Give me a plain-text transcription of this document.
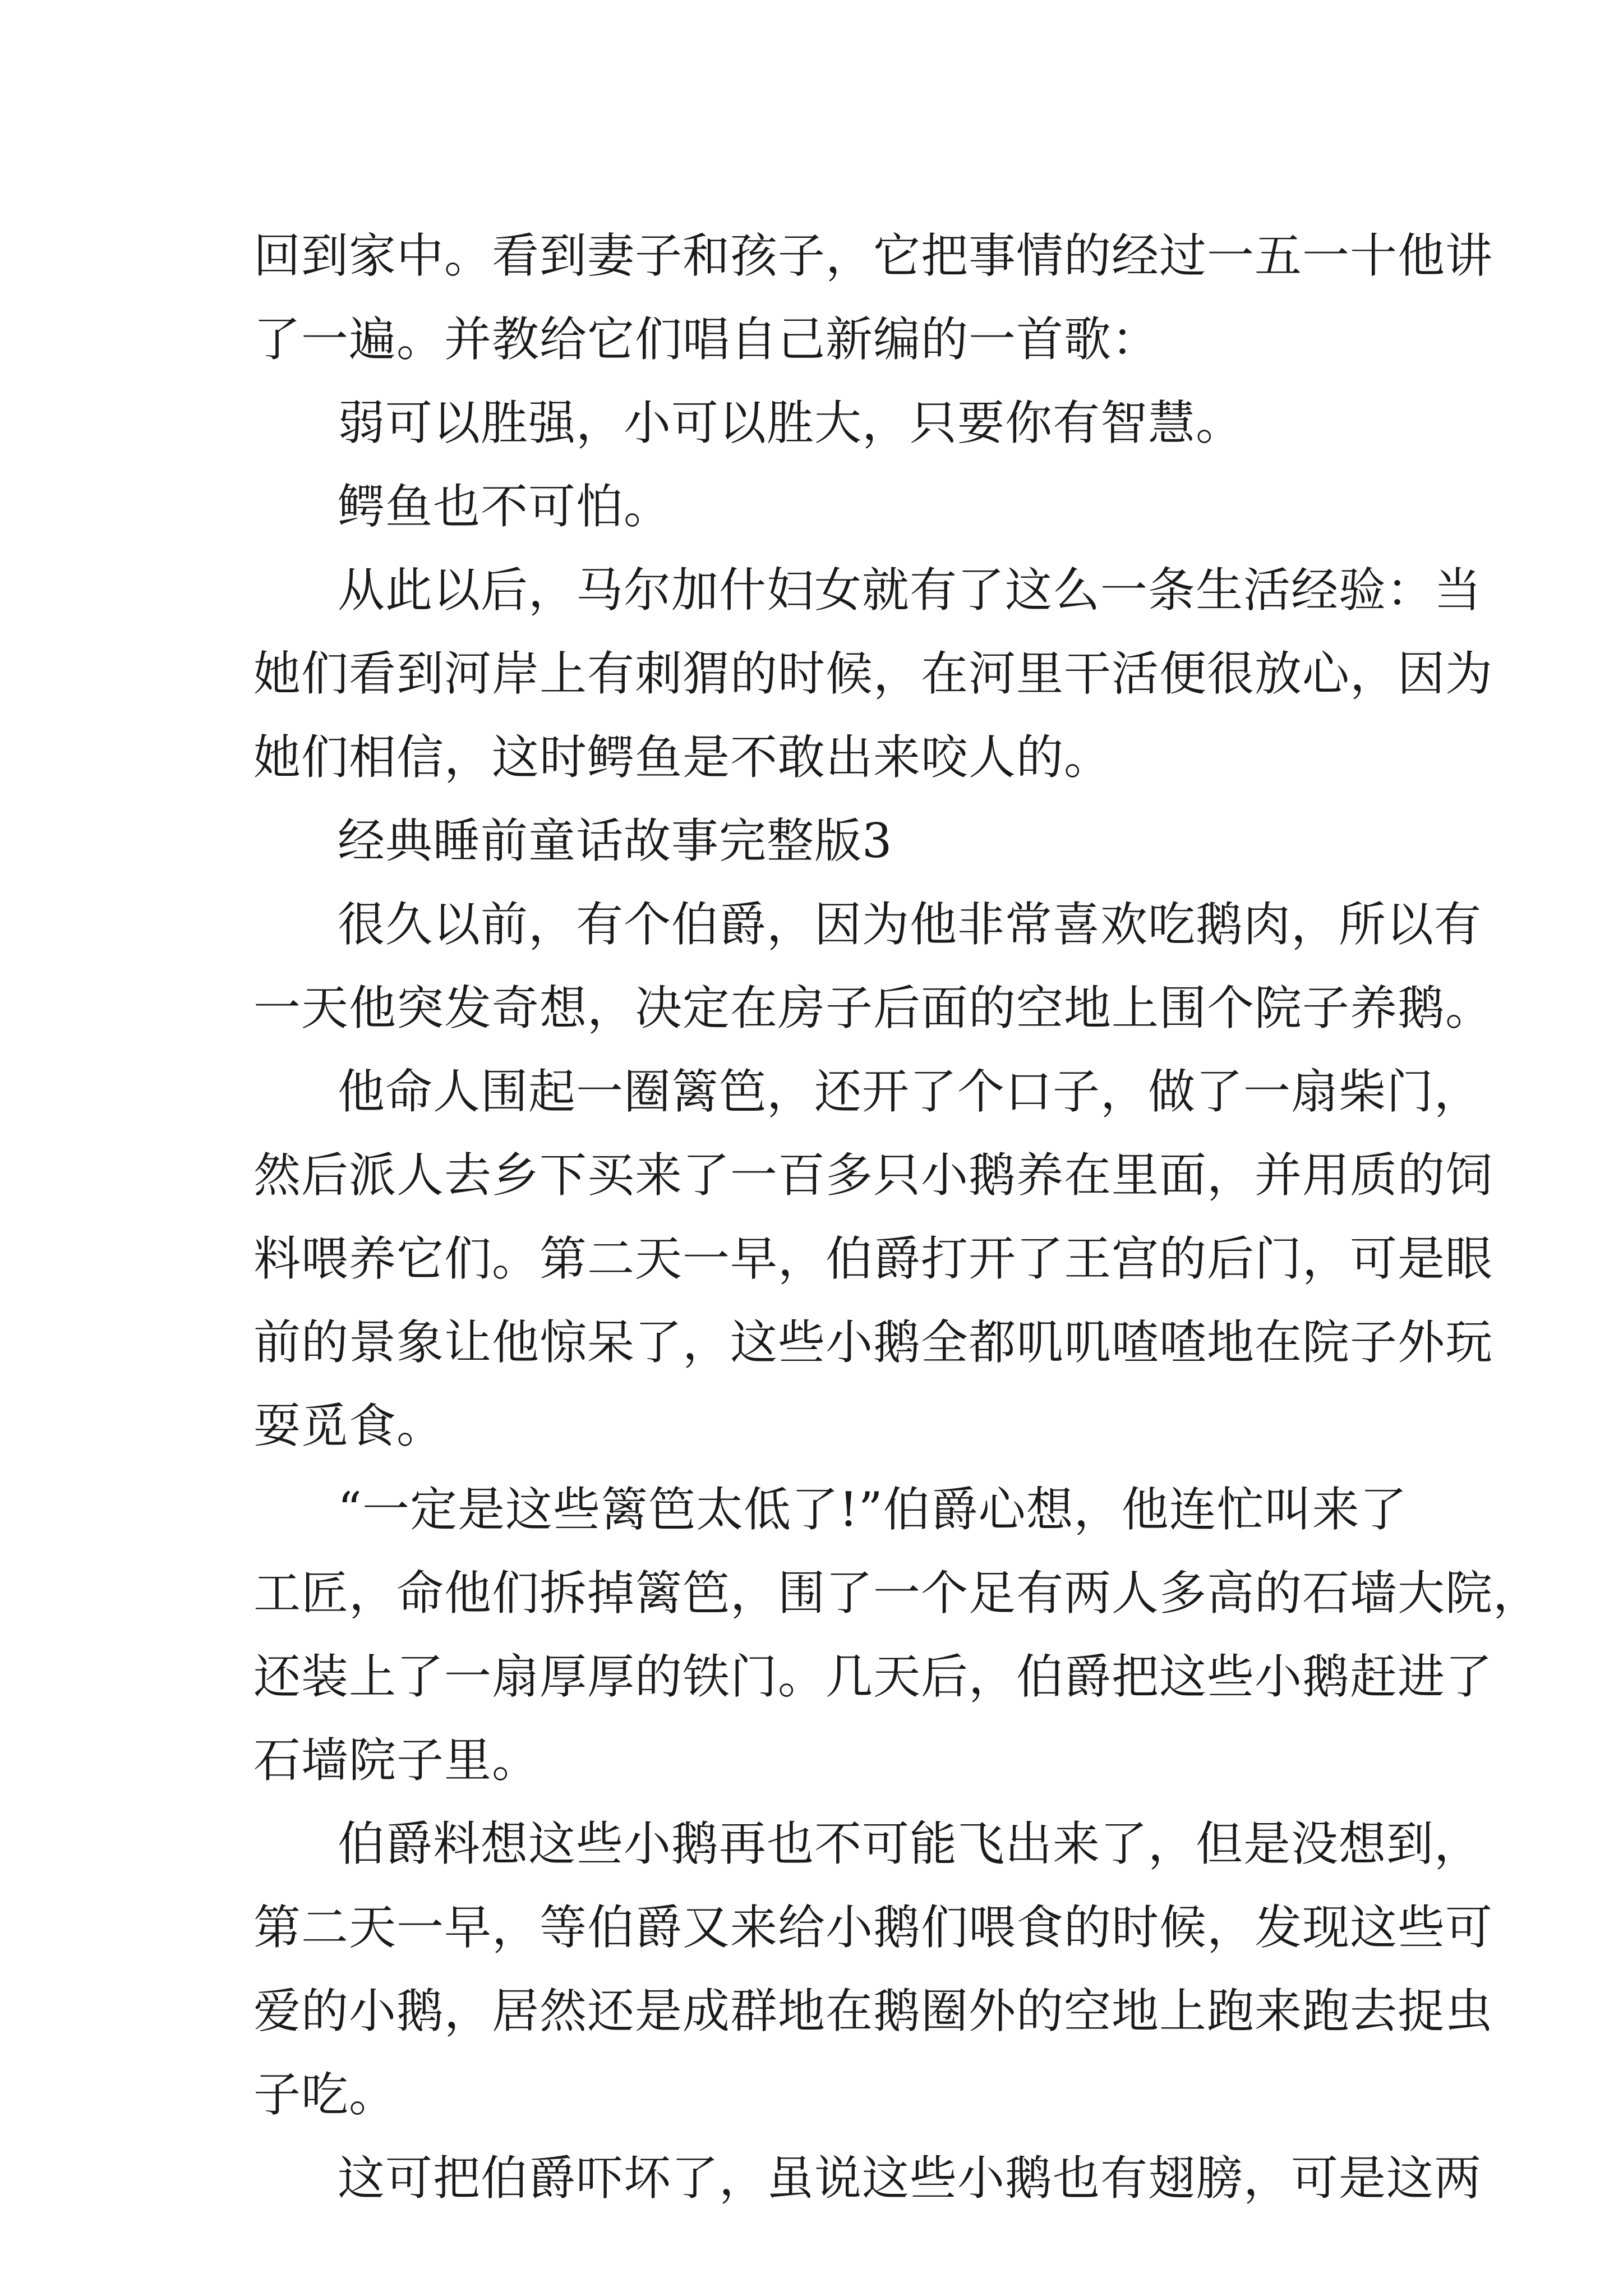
回到家中。看到妻子和孩子，它把事情的经过一五一十他讲
了一遍。并教给它们唱自己新编的一首歌：
弱可以胜强，小可以胜大，只要你有智慧。
鳄鱼也不可怕。
从此以后，马尔加什妇女就有了这么一条生活经验：当
她们看到河岸上有刺猬的时候，在河里干活便很放心，因为
她们相信，这时鳄鱼是不敢出来咬人的。
经典睡前童话故事完整版3
很久以前，有个伯爵，因为他非常喜欢吃鹅肉，所以有
一天他突发奇想，决定在房子后面的空地上围个院子养鹅。
他命人围起一圈篱笆，还开了个口子，做了一扇柴门，
然后派人去乡下买来了一百多只小鹅养在里面，并用质的饲
料喂养它们。第二天一早，伯爵打开了王宫的后门，可是眼
前的景象让他惊呆了，这些小鹅全都叽叽喳喳地在院子外玩
耍觅食。
“一定是这些篱笆太低了!”伯爵心想，他连忙叫来了
工匠，命他们拆掉篱笆，围了一个足有两人多高的石墙大院，
还装上了一扇厚厚的铁门。几天后，伯爵把这些小鹅赶进了
石墙院子里。
伯爵料想这些小鹅再也不可能飞出来了，但是没想到，
第二天一早，等伯爵又来给小鹅们喂食的时候，发现这些可
爱的小鹅，居然还是成群地在鹅圈外的空地上跑来跑去捉虫
子吃。
这可把伯爵吓坏了，虽说这些小鹅也有翅膀，可是这两
